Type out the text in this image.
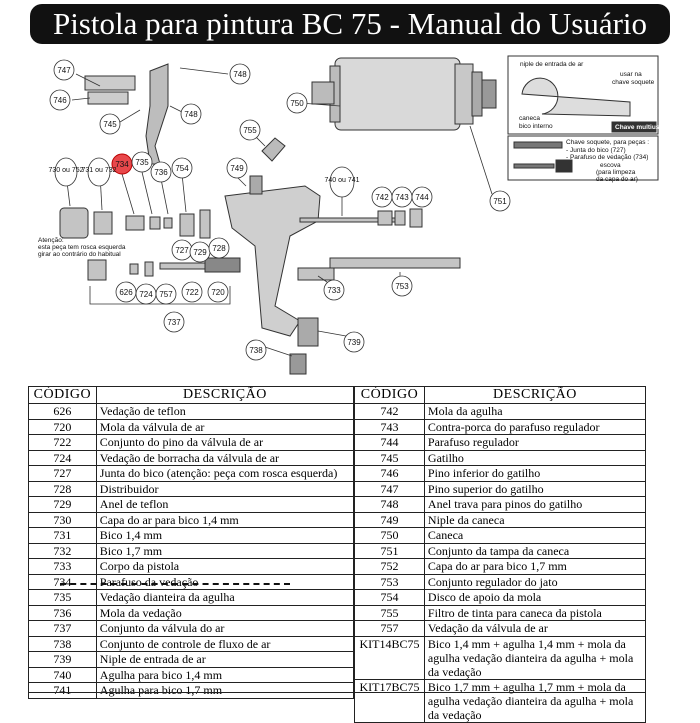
Pistola para pintura BC 75 - Manual do Usuário
747
746
745
748
748
750
755
730 ou 752
731 ou 732
734 735
736 754	749
740 ou 741
742 743 744	751
727 729 728
626 724 757 722 720	733	753
737
738
739
Atenção:
esta peça tem rosca esquerda
girar ao contrário do habitual
niple de entrada de ar
usar na
chave soquete
caneca
bico interno	Chave multiuso
Chave soquete, para peças :
- Junta do bico (727)
- Parafuso de vedação (734)
escova
(para limpeza
da capa do ar)
CÓDIGO	DESCRIÇÃO
626	Vedação de teflon
720	Mola da válvula de ar
722	Conjunto do pino da válvula de ar
724	Vedação de borracha da válvula de ar
727	Junta do bico (atenção: peça com rosca esquerda)
728	Distribuidor
729	Anel de teflon
730	Capa do ar para bico 1,4 mm
731	Bico 1,4 mm
732	Bico 1,7 mm
733	Corpo da pistola
734	Parafuso da vedação
735	Vedação dianteira da agulha
736	Mola da vedação
737	Conjunto da válvula do ar
738	Conjunto de controle de fluxo de ar
739	Niple de entrada de ar
740	Agulha para bico 1,4 mm
741	Agulha para bico 1,7 mm
CÓDIGO	DESCRIÇÃO
742	Mola da agulha
743	Contra-porca do parafuso regulador
744	Parafuso regulador
745	Gatilho
746	Pino inferior do gatilho
747	Pino superior do gatilho
748	Anel trava para pinos do gatilho
749	Niple da caneca
750	Caneca
751	Conjunto da tampa da caneca
752	Capa do ar para bico 1,7 mm
753	Conjunto regulador do jato
754	Disco de apoio da mola
755	Filtro de tinta para caneca da pistola
757	Vedação da válvula de ar
KIT14BC75	Bico 1,4 mm + agulha 1,4 mm + mola da agulha vedação dianteira da agulha + mola da vedação
KIT17BC75	Bico 1,7 mm + agulha 1,7 mm + mola da agulha vedação dianteira da agulha + mola da vedação
